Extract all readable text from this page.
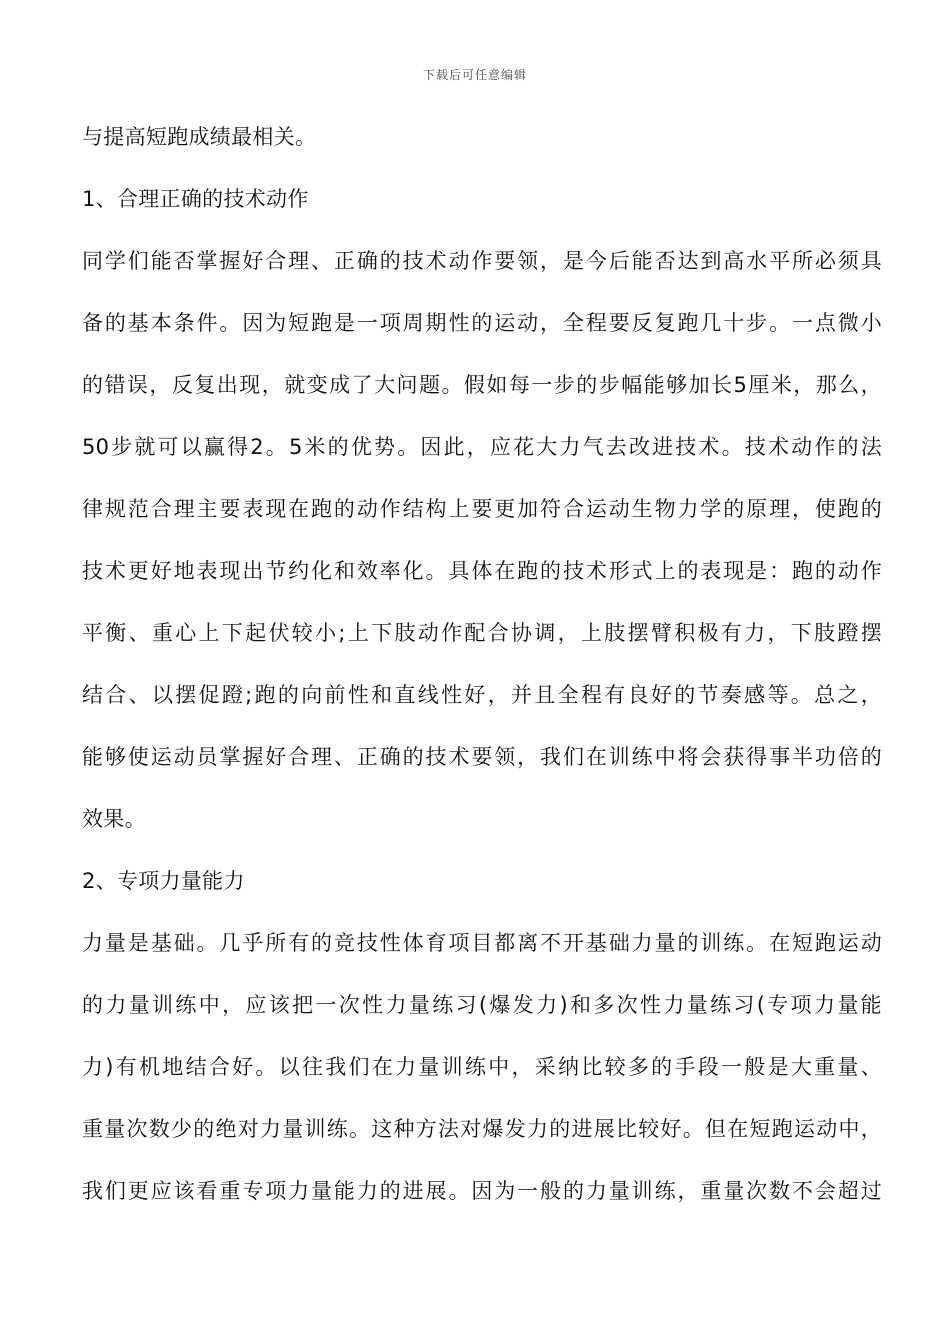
下载后可任意编辑
与提高短跑成绩最相关。
1、合理正确的技术动作
同学们能否掌握好合理、正确的技术动作要领，是今后能否达到高水平所必须具
备的基本条件。因为短跑是一项周期性的运动，全程要反复跑几十步。一点微小
的错误，反复出现，就变成了大问题。假如每一步的步幅能够加长5厘米，那么，
50步就可以赢得2。5米的优势。因此，应花大力气去改进技术。技术动作的法
律规范合理主要表现在跑的动作结构上要更加符合运动生物力学的原理，使跑的
技术更好地表现出节约化和效率化。具体在跑的技术形式上的表现是：跑的动作
平衡、重心上下起伏较小;上下肢动作配合协调，上肢摆臂积极有力，下肢蹬摆
结合、以摆促蹬;跑的向前性和直线性好，并且全程有良好的节奏感等。总之，
能够使运动员掌握好合理、正确的技术要领，我们在训练中将会获得事半功倍的
效果。
2、专项力量能力
力量是基础。几乎所有的竞技性体育项目都离不开基础力量的训练。在短跑运动
的力量训练中，应该把一次性力量练习(爆发力)和多次性力量练习(专项力量能
力)有机地结合好。以往我们在力量训练中，采纳比较多的手段一般是大重量、
重量次数少的绝对力量训练。这种方法对爆发力的进展比较好。但在短跑运动中，
我们更应该看重专项力量能力的进展。因为一般的力量训练，重量次数不会超过
